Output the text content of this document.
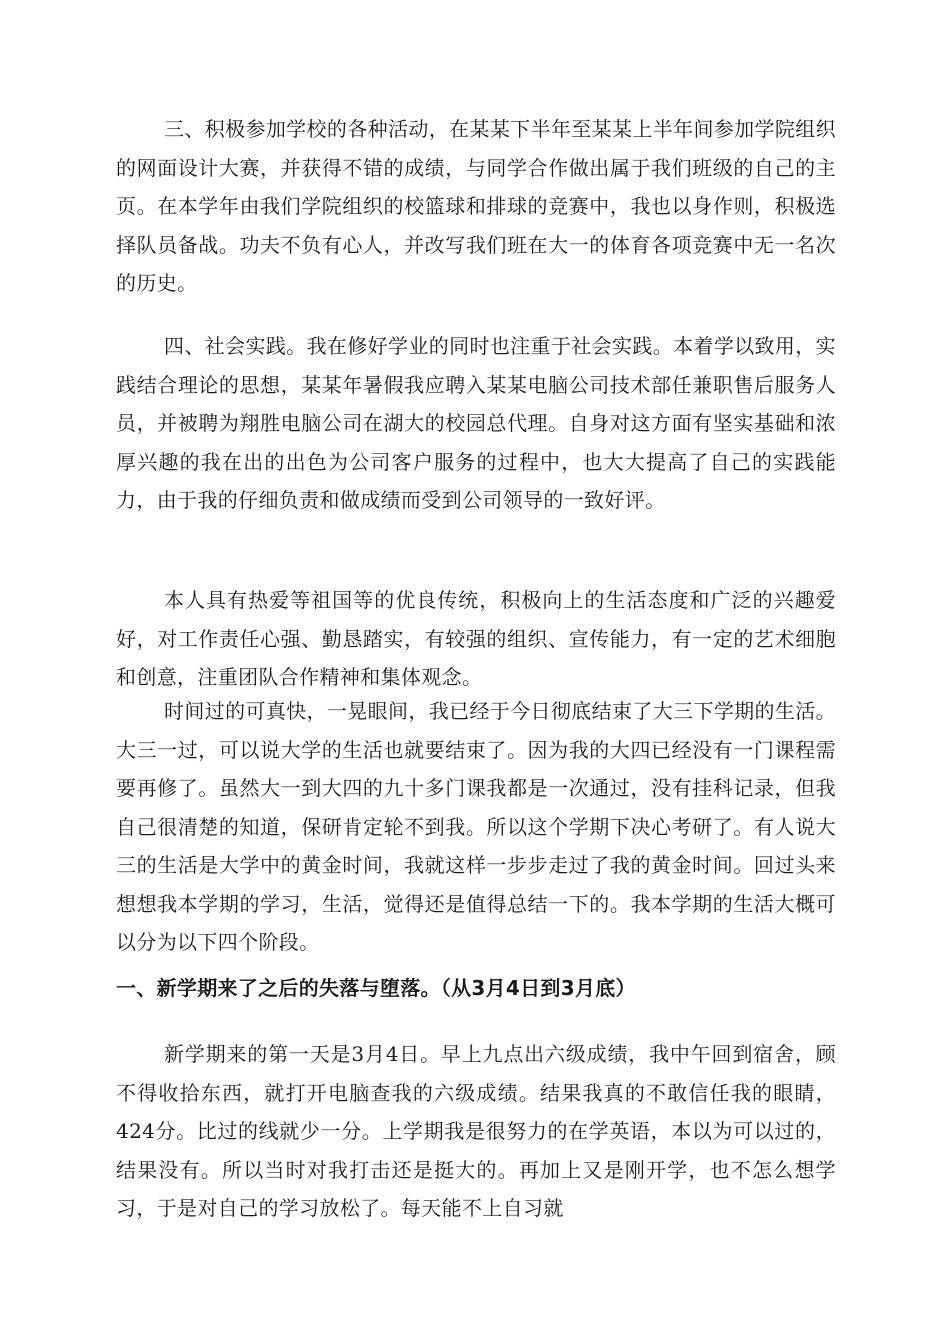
三、积极参加学校的各种活动，在某某下半年至某某上半年间参加学院组织的网面设计大赛，并获得不错的成绩，与同学合作做出属于我们班级的自己的主页。在本学年由我们学院组织的校篮球和排球的竞赛中，我也以身作则，积极选择队员备战。功夫不负有心人，并改写我们班在大一的体育各项竞赛中无一名次的历史。

四、社会实践。我在修好学业的同时也注重于社会实践。本着学以致用，实践结合理论的思想，某某年暑假我应聘入某某电脑公司技术部任兼职售后服务人员，并被聘为翔胜电脑公司在湖大的校园总代理。自身对这方面有坚实基础和浓厚兴趣的我在出的出色为公司客户服务的过程中，也大大提高了自己的实践能力，由于我的仔细负责和做成绩而受到公司领导的一致好评。

本人具有热爱等祖国等的优良传统，积极向上的生活态度和广泛的兴趣爱好，对工作责任心强、勤恳踏实，有较强的组织、宣传能力，有一定的艺术细胞和创意，注重团队合作精神和集体观念。

时间过的可真快，一晃眼间，我已经于今日彻底结束了大三下学期的生活。大三一过，可以说大学的生活也就要结束了。因为我的大四已经没有一门课程需要再修了。虽然大一到大四的九十多门课我都是一次通过，没有挂科记录，但我自己很清楚的知道，保研肯定轮不到我。所以这个学期下决心考研了。有人说大三的生活是大学中的黄金时间，我就这样一步步走过了我的黄金时间。回过头来想想我本学期的学习，生活，觉得还是值得总结一下的。我本学期的生活大概可以分为以下四个阶段。

一、新学期来了之后的失落与堕落。（从3月4日到3月底）

新学期来的第一天是3月4日。早上九点出六级成绩，我中午回到宿舍，顾不得收拾东西，就打开电脑查我的六级成绩。结果我真的不敢信任我的眼睛，424分。比过的线就少一分。上学期我是很努力的在学英语，本以为可以过的，结果没有。所以当时对我打击还是挺大的。再加上又是刚开学，也不怎么想学习，于是对自己的学习放松了。每天能不上自习就
